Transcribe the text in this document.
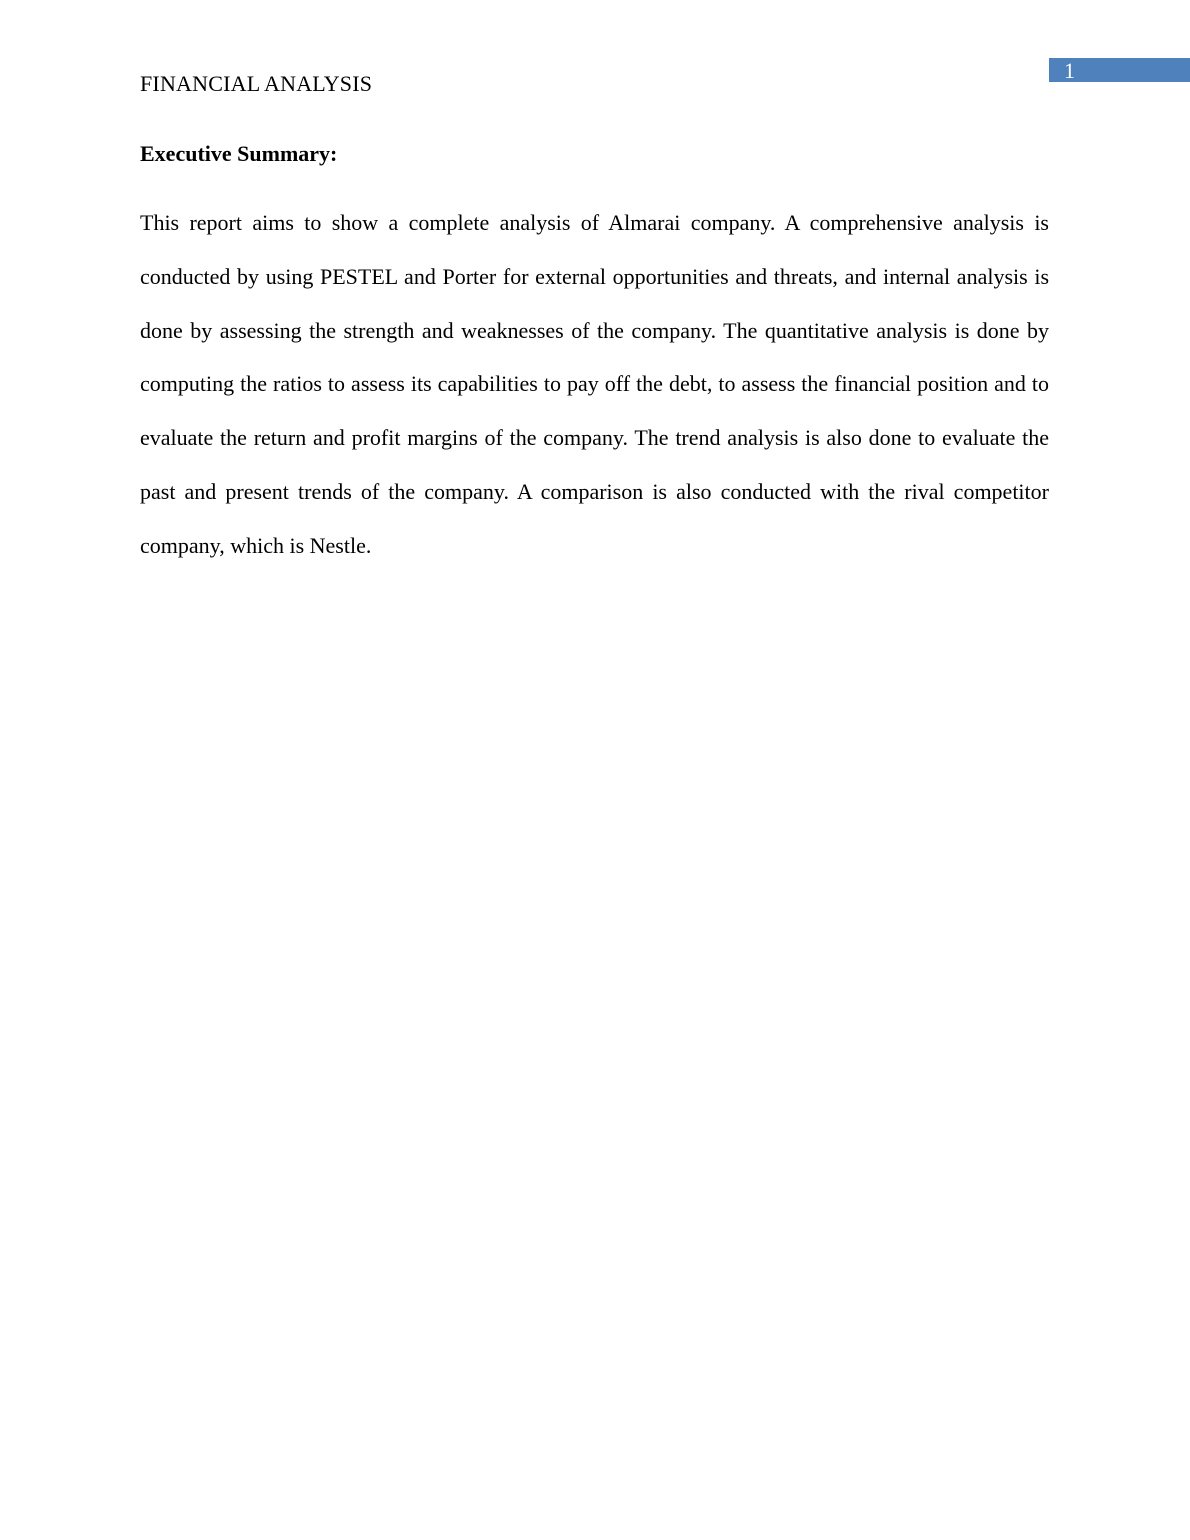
FINANCIAL ANALYSIS
1
Executive Summary:

This report aims to show a complete analysis of Almarai company. A comprehensive analysis is conducted by using PESTEL and Porter for external opportunities and threats, and internal analysis is done by assessing the strength and weaknesses of the company. The quantitative analysis is done by computing the ratios to assess its capabilities to pay off the debt, to assess the financial position and to evaluate the return and profit margins of the company. The trend analysis is also done to evaluate the past and present trends of the company. A comparison is also conducted with the rival competitor company, which is Nestle.
